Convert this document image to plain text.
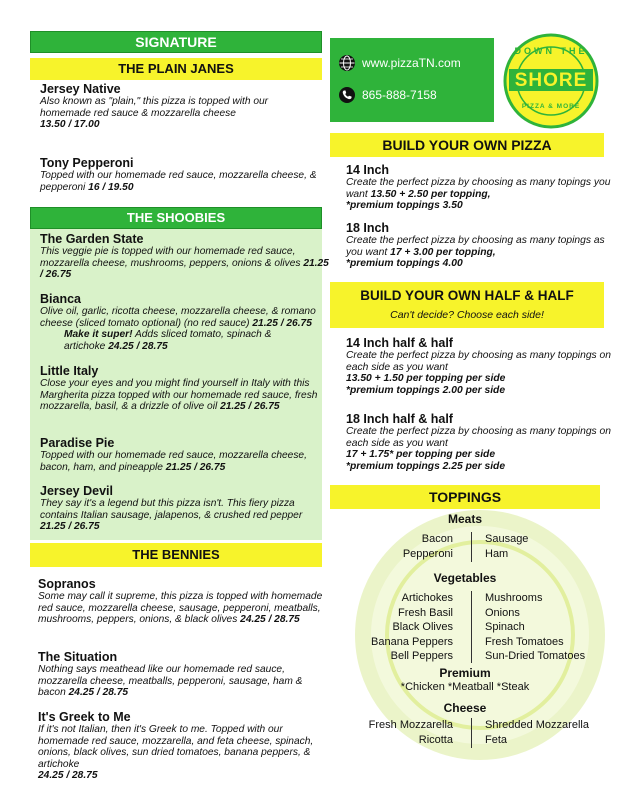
SIGNATURE
THE PLAIN JANES
Jersey Native
Also known as "plain," this pizza is topped with our homemade red sauce & mozzarella cheese
13.50 / 17.00
Tony Pepperoni
Topped with our homemade red sauce, mozzarella cheese, & pepperoni 16 / 19.50
THE SHOOBIES
The Garden State
This veggie pie is topped with our homemade red sauce, mozzarella cheese, mushrooms, peppers, onions & olives 21.25 / 26.75
Bianca
Olive oil, garlic, ricotta cheese, mozzarella cheese, & romano cheese (sliced tomato optional) (no red sauce) 21.25 / 26.75
Make it super! Adds sliced tomato, spinach & artichoke 24.25 / 28.75
Little Italy
Close your eyes and you might find yourself in Italy with this Margherita pizza topped with our homemade red sauce, fresh mozzarella, basil, & a drizzle of olive oil 21.25 / 26.75
Paradise Pie
Topped with our homemade red sauce, mozzarella cheese, bacon, ham, and pineapple 21.25 / 26.75
Jersey Devil
They say it's a legend but this pizza isn't. This fiery pizza contains Italian sausage, jalapenos, & crushed red pepper 21.25 / 26.75
THE BENNIES
Sopranos
Some may call it supreme, this pizza is topped with homemade red sauce, mozzarella cheese, sausage, pepperoni, meatballs, mushrooms, peppers, onions, & black olives 24.25 / 28.75
The Situation
Nothing says meathead like our homemade red sauce, mozzarella cheese, meatballs, pepperoni, sausage, ham & bacon 24.25 / 28.75
It's Greek to Me
If it's not Italian, then it's Greek to me. Topped with our homemade red sauce, mozzarella, and feta cheese, spinach, onions, black olives, sun dried tomatoes, banana peppers, & artichoke
24.25 / 28.75
www.pizzaTN.com
865-888-7158
DOWN THE
SHORE
PIZZA & MORE
BUILD YOUR OWN PIZZA
14 Inch
Create the perfect pizza by choosing as many topings you want 13.50 + 2.50 per topping,
*premium toppings 3.50
18 Inch
Create the perfect pizza by choosing as many topings as you want 17 + 3.00 per topping,
*premium toppings 4.00
BUILD YOUR OWN HALF & HALF
Can't decide? Choose each side!
14 Inch half & half
Create the perfect pizza by choosing as many toppings on each side as you want
13.50 + 1.50 per topping per side
*premium toppings 2.00 per side
18 Inch half & half
Create the perfect pizza by choosing as many toppings on each side as you want
17 + 1.75* per topping per side
*premium toppings 2.25 per side
TOPPINGS
Meats
Bacon
Pepperoni
Sausage
Ham
Vegetables
Artichokes
Fresh Basil
Black Olives
Banana Peppers
Bell Peppers
Mushrooms
Onions
Spinach
Fresh Tomatoes
Sun-Dried Tomatoes
Premium
*Chicken *Meatball *Steak
Cheese
Fresh Mozzarella
Ricotta
Shredded Mozzarella
Feta
